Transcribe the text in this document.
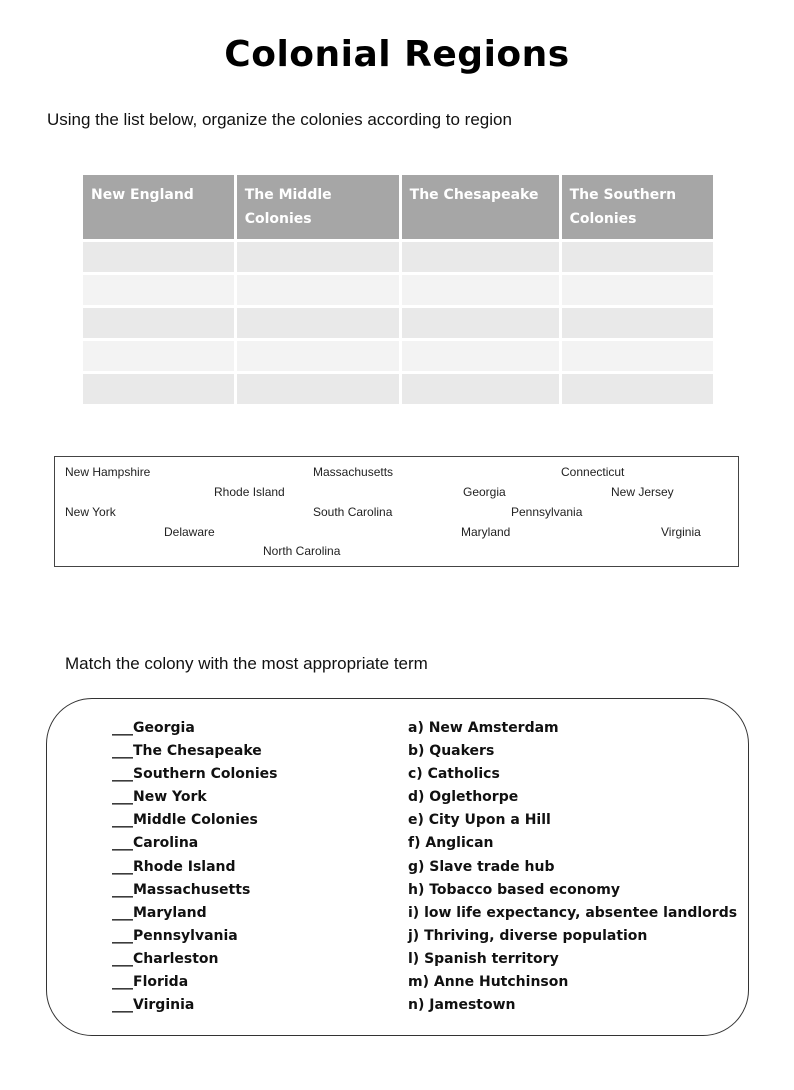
Colonial Regions
Using the list below, organize the colonies according to region
New England	The Middle Colonies	The Chesapeake	The Southern Colonies

New Hampshire	Massachusetts	Connecticut
Rhode Island	Georgia	New Jersey
New York	South Carolina	Pennsylvania
Delaware	Maryland	Virginia
North Carolina
Match the colony with the most appropriate term
___Georgia
___The Chesapeake
___Southern Colonies
___New York
___Middle Colonies
___Carolina
___Rhode Island
___Massachusetts
___Maryland
___Pennsylvania
___Charleston
___Florida
___Virginia
a) New Amsterdam
b) Quakers
c) Catholics
d) Oglethorpe
e) City Upon a Hill
f) Anglican
g) Slave trade hub
h) Tobacco based economy
i) low life expectancy, absentee landlords
j) Thriving, diverse population
l) Spanish territory
m) Anne Hutchinson
n) Jamestown
